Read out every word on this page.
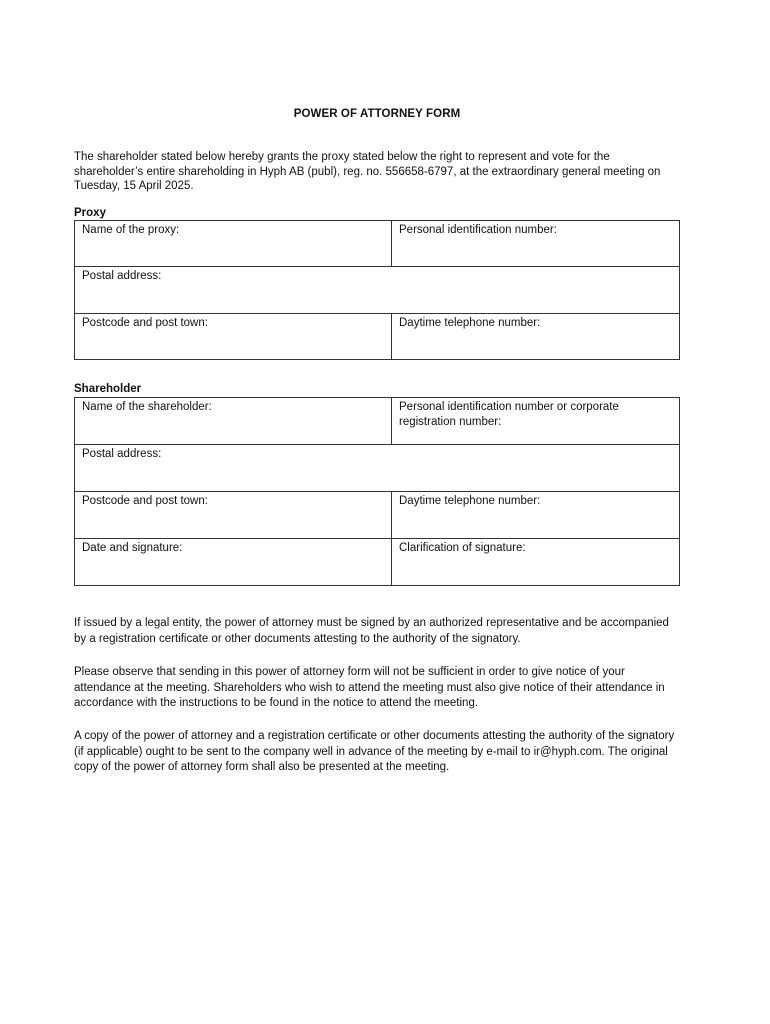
POWER OF ATTORNEY FORM
The shareholder stated below hereby grants the proxy stated below the right to represent and vote for the shareholder’s entire shareholding in Hyph AB (publ), reg. no. 556658-6797, at the extraordinary general meeting on Tuesday, 15 April 2025.
Proxy
Name of the proxy:	Personal identification number:
Postal address:	
Postcode and post town:	Daytime telephone number:
Shareholder
Name of the shareholder:	Personal identification number or corporate registration number:
Postal address:	
Postcode and post town:	Daytime telephone number:
Date and signature:	Clarification of signature:
If issued by a legal entity, the power of attorney must be signed by an authorized representative and be accompanied by a registration certificate or other documents attesting to the authority of the signatory.
Please observe that sending in this power of attorney form will not be sufficient in order to give notice of your attendance at the meeting. Shareholders who wish to attend the meeting must also give notice of their attendance in accordance with the instructions to be found in the notice to attend the meeting.
A copy of the power of attorney and a registration certificate or other documents attesting the authority of the signatory (if applicable) ought to be sent to the company well in advance of the meeting by e-mail to ir@hyph.com. The original copy of the power of attorney form shall also be presented at the meeting.
